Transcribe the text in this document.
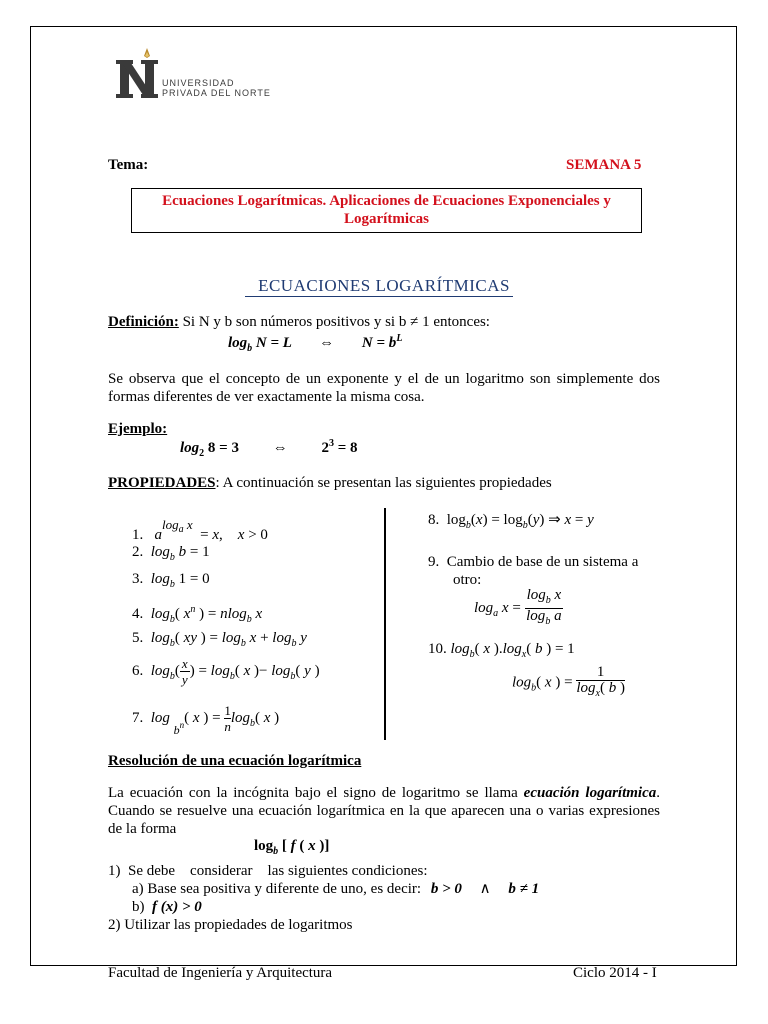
UNIVERSIDAD
PRIVADA DEL NORTE
Tema:	SEMANA 5
Ecuaciones Logarítmicas. Aplicaciones de Ecuaciones Exponenciales y Logarítmicas
ECUACIONES LOGARÍTMICAS
Definición: Si N y b son números positivos y si b ≠ 1 entonces:
$\log_b N = L$ ⇔ $N = b^L$
Se observa que el concepto de un exponente y el de un logaritmo son simplemente dos formas diferentes de ver exactamente la misma cosa.
Ejemplo:
$\log_2 8 = 3$ ⇔ $2^3 = 8$
PROPIEDADES: A continuación se presentan las siguientes propiedades
1. alog$_a$ x  = x,    x > 0
2. $\log_b b = 1$
3. $\log_b 1 = 0$
4. $\log_b$( $x^n$ ) = nlog$_b$ x
5. $\log_b$( xy ) = $\log_b x + \log_b y$
6. $\log_b( \frac{x}{y}$ ) = $\log_b$( x )− $\log_b$( y )
7. log $_{b^n}$( x ) = $\frac{1}{n} \log_b$( x )
8.  $\log_b(x) = \log_b(y)$ ⇒ x = y
9.  Cambio de base de un sistema a
otro:
$\log_a x = \frac{\log_b x}{\log_b a}$
10. $\log_b$( x )$.\log_x$( b ) = 1
$\log_b$( x ) = $\frac{1}{\log_x( b )}$
Resolución de una ecuación logarítmica
La ecuación con la incógnita bajo el signo de logaritmo se llama ecuación logarítmica. Cuando se resuelve una ecuación logarítmica en la que aparecen una o varias expresiones de la forma
$\log_b$ [ f ( x )]
1)  Se debe    considerar    las siguientes condiciones:
a) Base sea positiva y diferente de uno, es decir: b > 0 ∧ b ≠ 1
b) f (x) > 0
2) Utilizar las propiedades de logaritmos
Facultad de Ingeniería y Arquitectura	Ciclo 2014 - I
